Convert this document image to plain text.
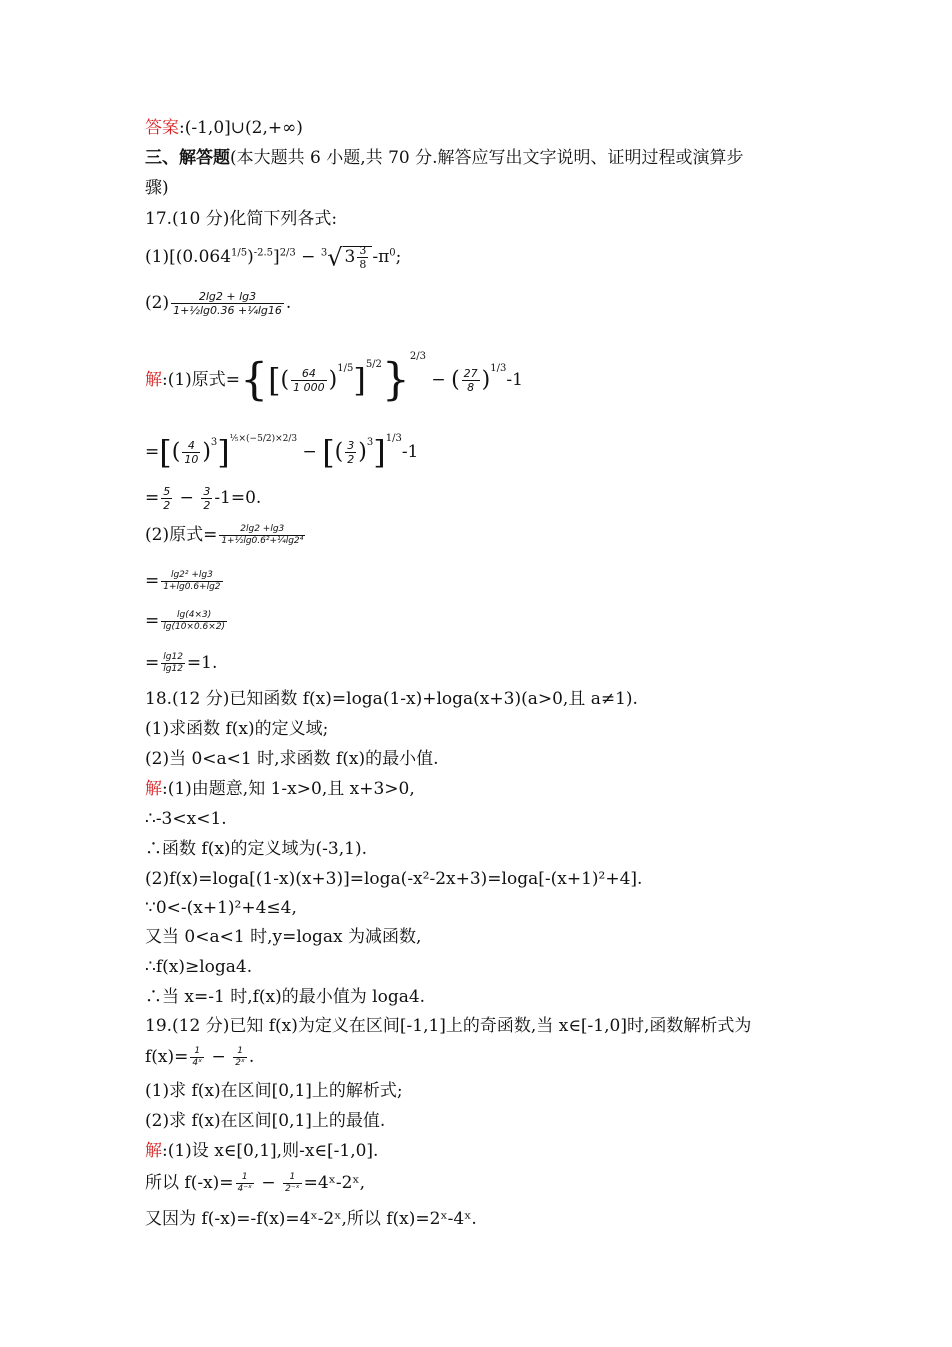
答案:(-1,0]∪(2,+∞)
三、解答题(本大题共 6 小题,共 70 分.解答应写出文字说明、证明过程或演算步
骤)
17.(10 分)化简下列各式:
$(1)[(0.064^{1/5})^{-2.5}]^{2/3} - ^3√$ $3 \frac{3}{8} -\pi^0$;
$(2) \frac{2\lg 2 + \lg 3}{\text{1+½lg0.36 +¼lg16}}$ .
解:(1)原式={[( $\frac{64}{1 000} )^{1/5}]^{5/2}\}^{2/3}$ − ( $\frac{27}{8} )^{1/3}-1$
=[( $\frac{4}{10} )^3]^{\frac{1}{5}\times(-5/2)\times 2/3}$ − [( $\frac{3}{2} )^3]^{1/3}-1$
= $\frac{5}{2} - \frac{3}{2} -1=0$.
(2)原式= $\frac{2\lg 2 +\lg 3}{\text{1+½lg0.6²+¼lg2⁴}}$
= $\frac{\text{lg2² +lg3}}{1+\lg 0.6+\lg 2}$
= $\frac{\lg(4\times 3)}{\lg(10\times 0.6\times 2)}$
= $\frac{\lg 12}{\lg 12} =1$.
18.(12 分)已知函数 f(x)=loga(1-x)+loga(x+3)(a>0,且 a≠1).
(1)求函数 f(x)的定义域;
(2)当 0<a<1 时,求函数 f(x)的最小值.
解:(1)由题意,知 1-x>0,且 x+3>0,
∴-3<x<1.
∴函数 f(x)的定义域为(-3,1).
(2)f(x)=loga[(1-x)(x+3)]=loga(-x²-2x+3)=loga[-(x+1)²+4].
∵0<-(x+1)²+4≤4,
又当 0<a<1 时,y=logax 为减函数,
∴f(x)≥loga4.
∴当 x=-1 时,f(x)的最小值为 loga4.
19.(12 分)已知 f(x)为定义在区间[-1,1]上的奇函数,当 x∈[-1,0]时,函数解析式为
$f(x)= \frac{1}{\text{4ˣ}} - \frac{1}{\text{2ˣ}}$ .
(1)求 f(x)在区间[0,1]上的解析式;
(2)求 f(x)在区间[0,1]上的最值.
解:(1)设 x∈[0,1],则-x∈[-1,0].
所以 $f(-x)= \frac{1}{\text{4⁻ˣ}} - \frac{1}{\text{2⁻ˣ}}$ =4ˣ-2ˣ,
又因为 f(-x)=-f(x)=4ˣ-2ˣ,所以 f(x)=2ˣ-4ˣ.
